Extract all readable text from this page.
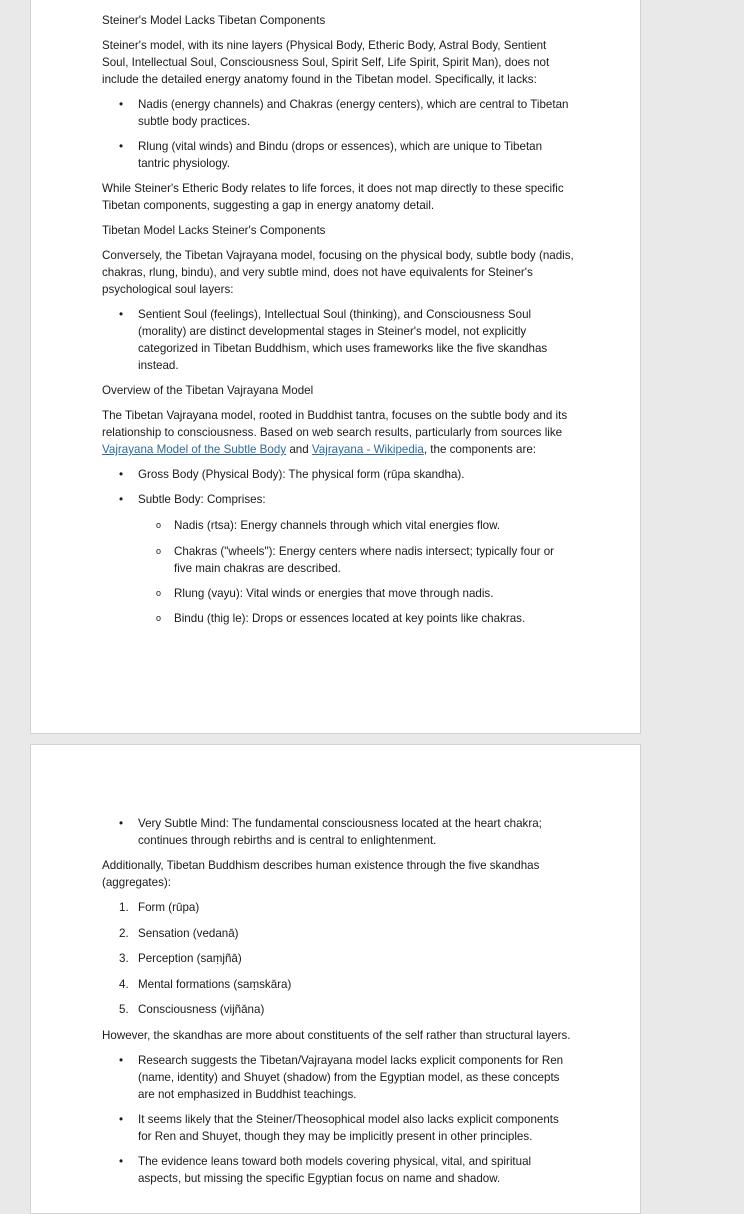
Steiner's Model Lacks Tibetan Components

Steiner's model, with its nine layers (Physical Body, Etheric Body, Astral Body, Sentient Soul, Intellectual Soul, Consciousness Soul, Spirit Self, Life Spirit, Spirit Man), does not include the detailed energy anatomy found in the Tibetan model. Specifically, it lacks:

• Nadis (energy channels) and Chakras (energy centers), which are central to Tibetan subtle body practices.
• Rlung (vital winds) and Bindu (drops or essences), which are unique to Tibetan tantric physiology.

While Steiner's Etheric Body relates to life forces, it does not map directly to these specific Tibetan components, suggesting a gap in energy anatomy detail.

Tibetan Model Lacks Steiner's Components

Conversely, the Tibetan Vajrayana model, focusing on the physical body, subtle body (nadis, chakras, rlung, bindu), and very subtle mind, does not have equivalents for Steiner's psychological soul layers:

• Sentient Soul (feelings), Intellectual Soul (thinking), and Consciousness Soul (morality) are distinct developmental stages in Steiner's model, not explicitly categorized in Tibetan Buddhism, which uses frameworks like the five skandhas instead.

Overview of the Tibetan Vajrayana Model

The Tibetan Vajrayana model, rooted in Buddhist tantra, focuses on the subtle body and its relationship to consciousness. Based on web search results, particularly from sources like Vajrayana Model of the Subtle Body and Vajrayana - Wikipedia, the components are:

• Gross Body (Physical Body): The physical form (rūpa skandha).
• Subtle Body: Comprises:
o Nadis (rtsa): Energy channels through which vital energies flow.
o Chakras ("wheels"): Energy centers where nadis intersect; typically four or five main chakras are described.
o Rlung (vayu): Vital winds or energies that move through nadis.
o Bindu (thig le): Drops or essences located at key points like chakras.
• Very Subtle Mind: The fundamental consciousness located at the heart chakra; continues through rebirths and is central to enlightenment.

Additionally, Tibetan Buddhism describes human existence through the five skandhas (aggregates):

1. Form (rūpa)
2. Sensation (vedanā)
3. Perception (saṃjñā)
4. Mental formations (saṃskāra)
5. Consciousness (vijñāna)

However, the skandhas are more about constituents of the self rather than structural layers.

• Research suggests the Tibetan/Vajrayana model lacks explicit components for Ren (name, identity) and Shuyet (shadow) from the Egyptian model, as these concepts are not emphasized in Buddhist teachings.
• It seems likely that the Steiner/Theosophical model also lacks explicit components for Ren and Shuyet, though they may be implicitly present in other principles.
• The evidence leans toward both models covering physical, vital, and spiritual aspects, but missing the specific Egyptian focus on name and shadow.
